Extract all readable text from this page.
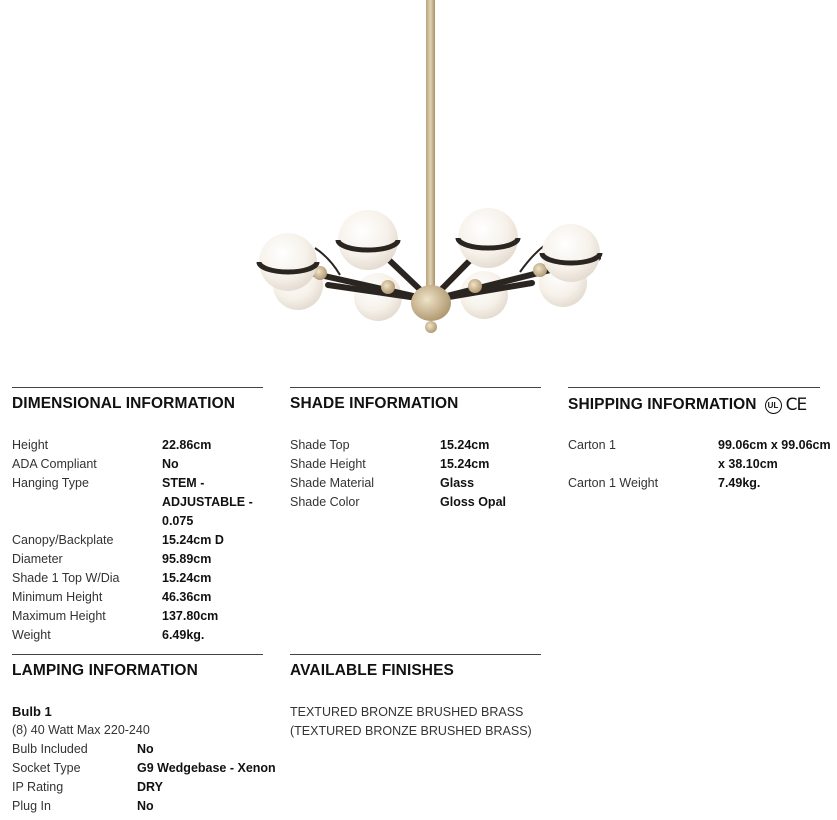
DIMENSIONAL INFORMATION
Height	22.86cm
ADA Compliant	No
Hanging Type	STEM - ADJUSTABLE - 0.075
Canopy/Backplate	15.24cm D
Diameter	95.89cm
Shade 1 Top W/Dia	15.24cm
Minimum Height	46.36cm
Maximum Height	137.80cm
Weight	6.49kg.
SHADE INFORMATION
Shade Top	15.24cm
Shade Height	15.24cm
Shade Material	Glass
Shade Color	Gloss Opal
SHIPPING INFORMATION	UL CE
Carton 1	99.06cm x 99.06cm x 38.10cm
Carton 1 Weight	7.49kg.
LAMPING INFORMATION
Bulb 1
(8) 40 Watt Max 220-240
Bulb Included	No
Socket Type	G9 Wedgebase - Xenon
IP Rating	DRY
Plug In	No
AVAILABLE FINISHES
TEXTURED BRONZE BRUSHED BRASS
(TEXTURED BRONZE BRUSHED BRASS)
